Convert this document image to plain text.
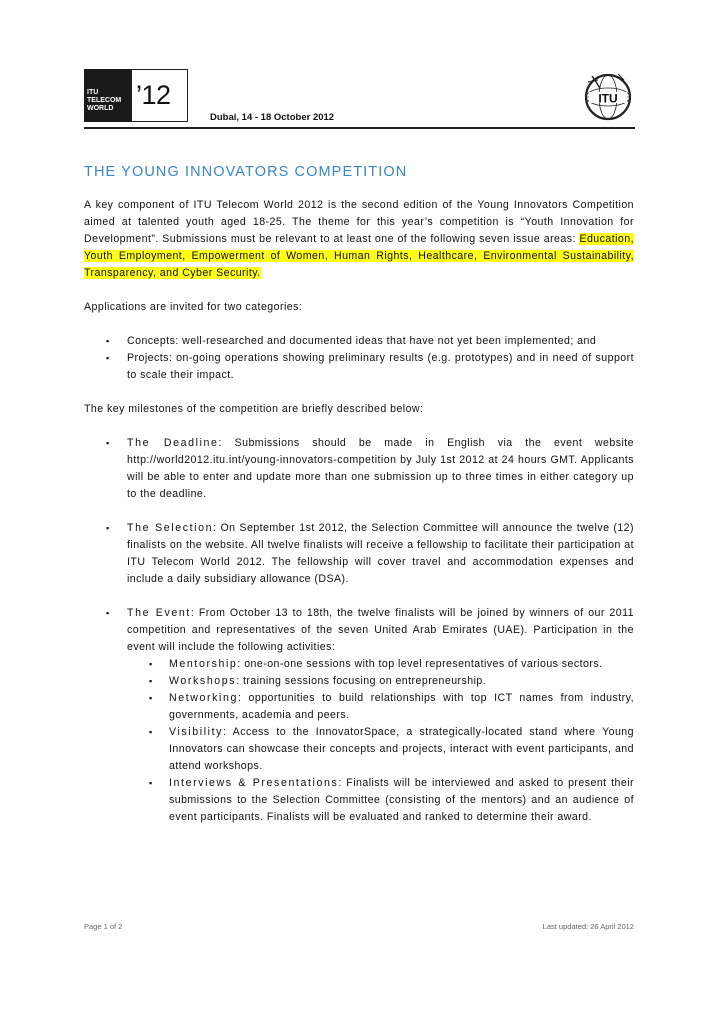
ITU
TELECOM
WORLD ’12
Dubai, 14 - 18 October 2012
ITU
THE YOUNG INNOVATORS COMPETITION

A key component of ITU Telecom World 2012 is the second edition of the Young Innovators Competition aimed at talented youth aged 18-25. The theme for this year’s competition is “Youth Innovation for Development”. Submissions must be relevant to at least one of the following seven issue areas: Education, Youth Employment, Empowerment of Women, Human Rights, Healthcare, Environmental Sustainability, Transparency, and Cyber Security.

Applications are invited for two categories:

▪ Concepts: well-researched and documented ideas that have not yet been implemented; and
▪ Projects: on-going operations showing preliminary results (e.g. prototypes) and in need of support to scale their impact.

The key milestones of the competition are briefly described below:

▪ The Deadline: Submissions should be made in English via the event website http://world2012.itu.int/young-innovators-competition by July 1st 2012 at 24 hours GMT. Applicants will be able to enter and update more than one submission up to three times in either category up to the deadline.
▪ The Selection: On September 1st 2012, the Selection Committee will announce the twelve (12) finalists on the website. All twelve finalists will receive a fellowship to facilitate their participation at ITU Telecom World 2012. The fellowship will cover travel and accommodation expenses and include a daily subsidiary allowance (DSA).
▪ The Event: From October 13 to 18th, the twelve finalists will be joined by winners of our 2011 competition and representatives of the seven United Arab Emirates (UAE). Participation in the event will include the following activities:
▪ Mentorship: one-on-one sessions with top level representatives of various sectors.
▪ Workshops: training sessions focusing on entrepreneurship.
▪ Networking: opportunities to build relationships with top ICT names from industry, governments, academia and peers.
▪ Visibility: Access to the InnovatorSpace, a strategically-located stand where Young Innovators can showcase their concepts and projects, interact with event participants, and attend workshops.
▪ Interviews & Presentations: Finalists will be interviewed and asked to present their submissions to the Selection Committee (consisting of the mentors) and an audience of event participants. Finalists will be evaluated and ranked to determine their award.
Page 1 of 2	Last updated: 26 April 2012
